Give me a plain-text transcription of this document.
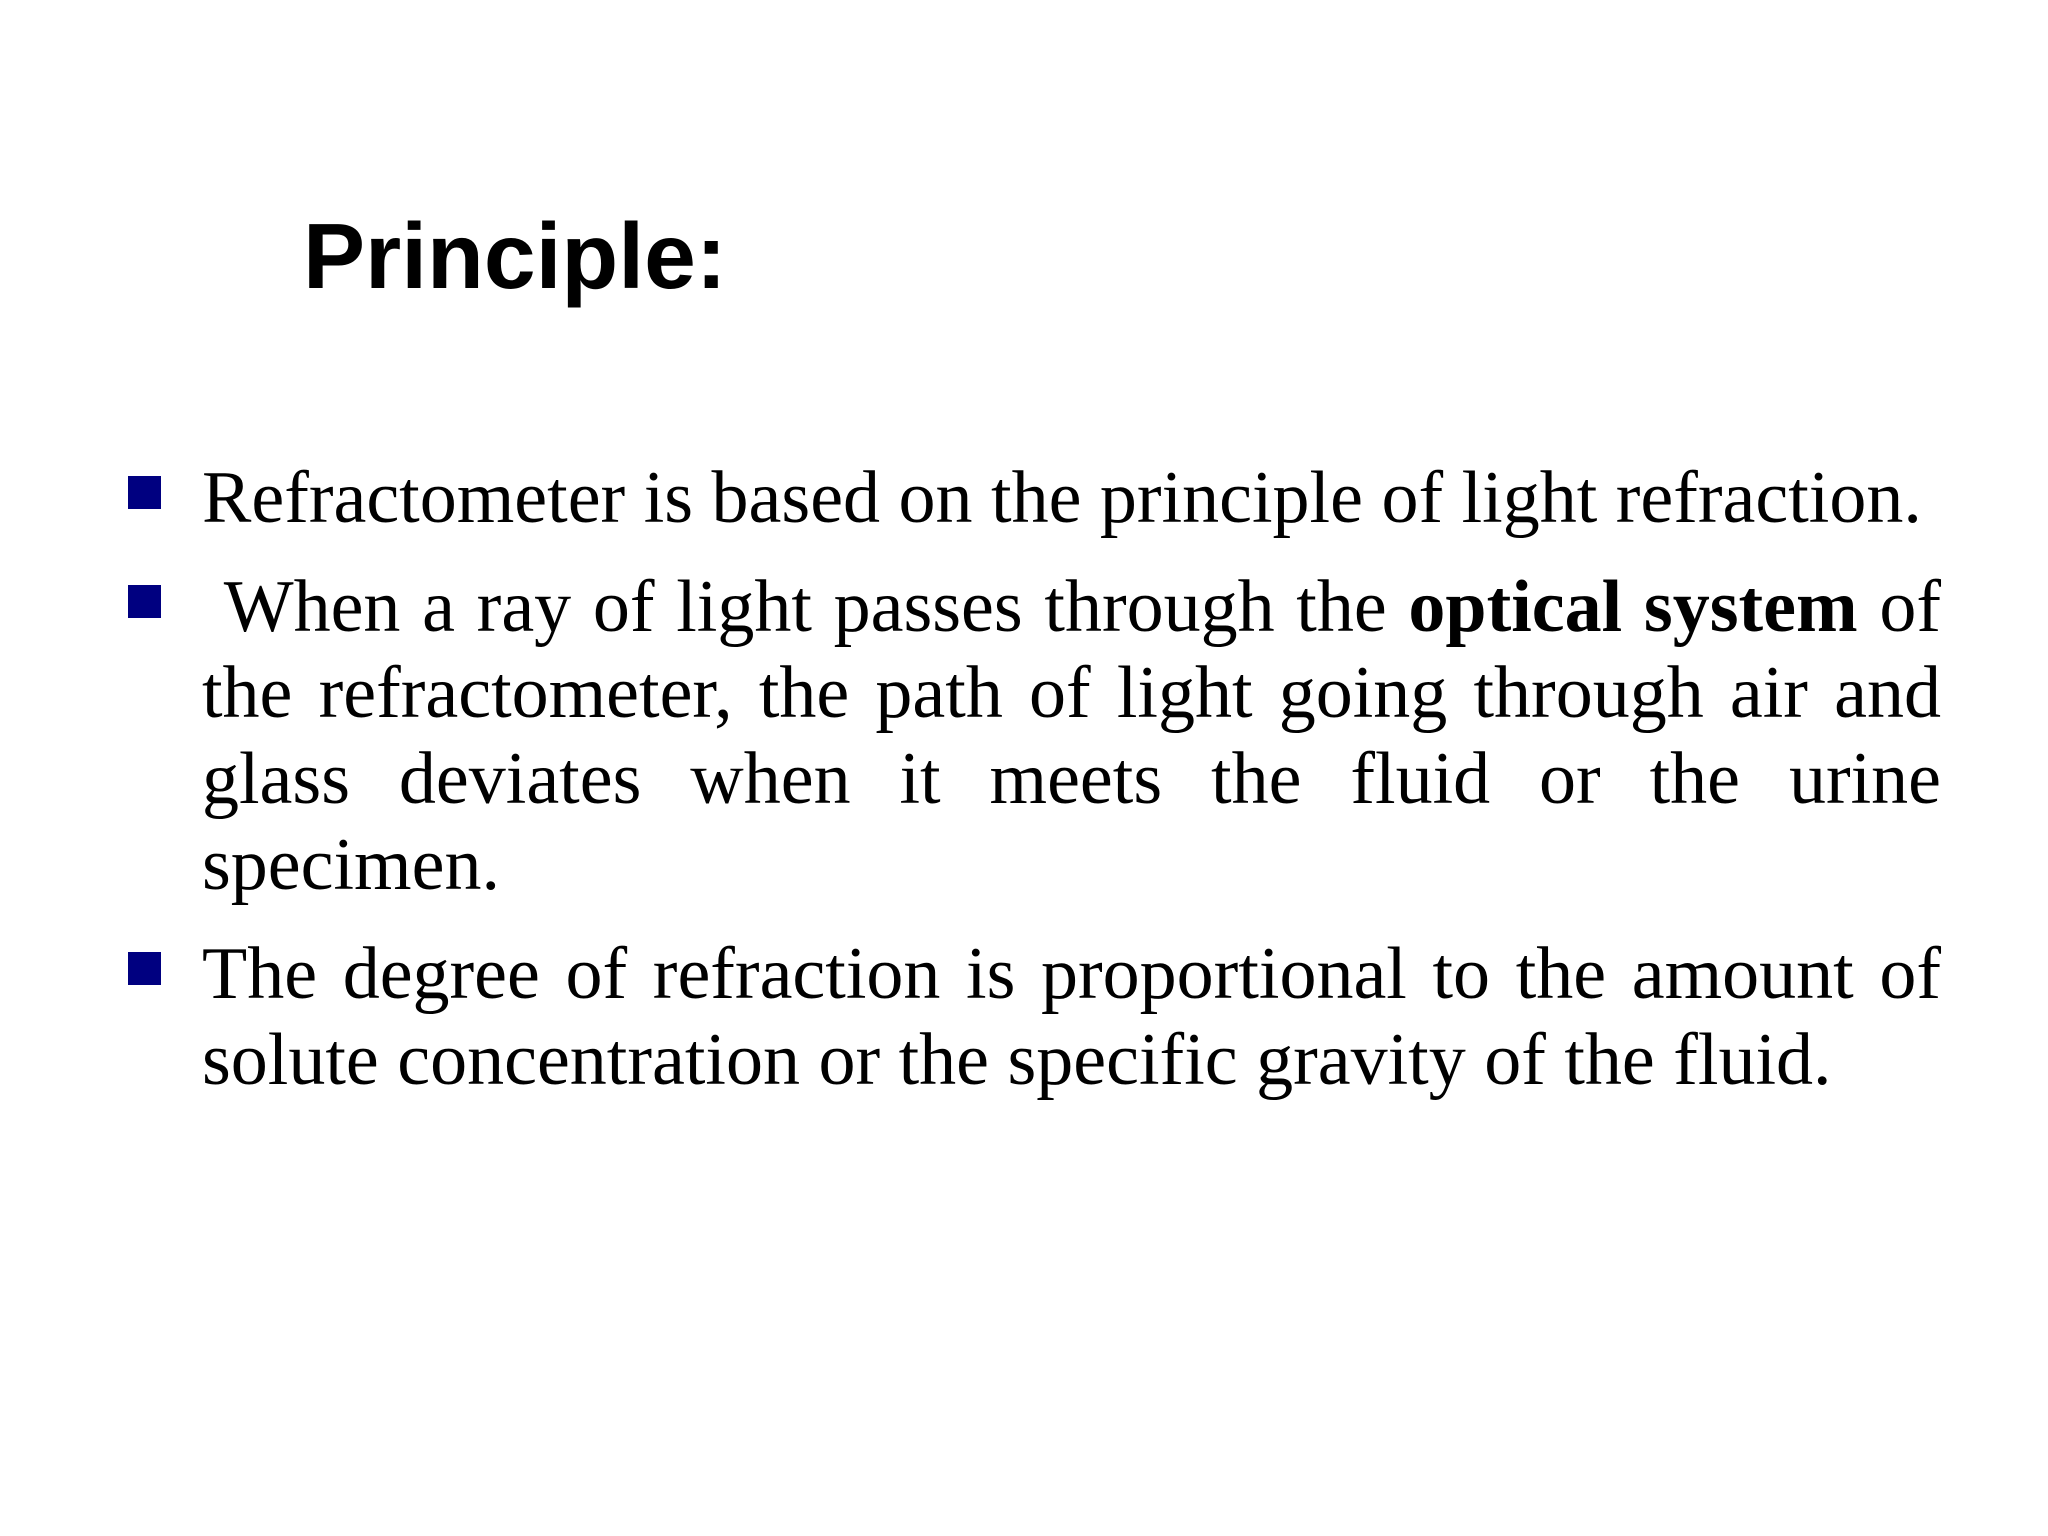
Principle:
Refractometer is based on the principle of light refraction.
When a ray of light passes through the optical system of the refractometer, the path of light going through air and glass deviates when it meets the fluid or the urine specimen.
The degree of refraction is proportional to the amount of solute concentration or the specific gravity of the fluid.
